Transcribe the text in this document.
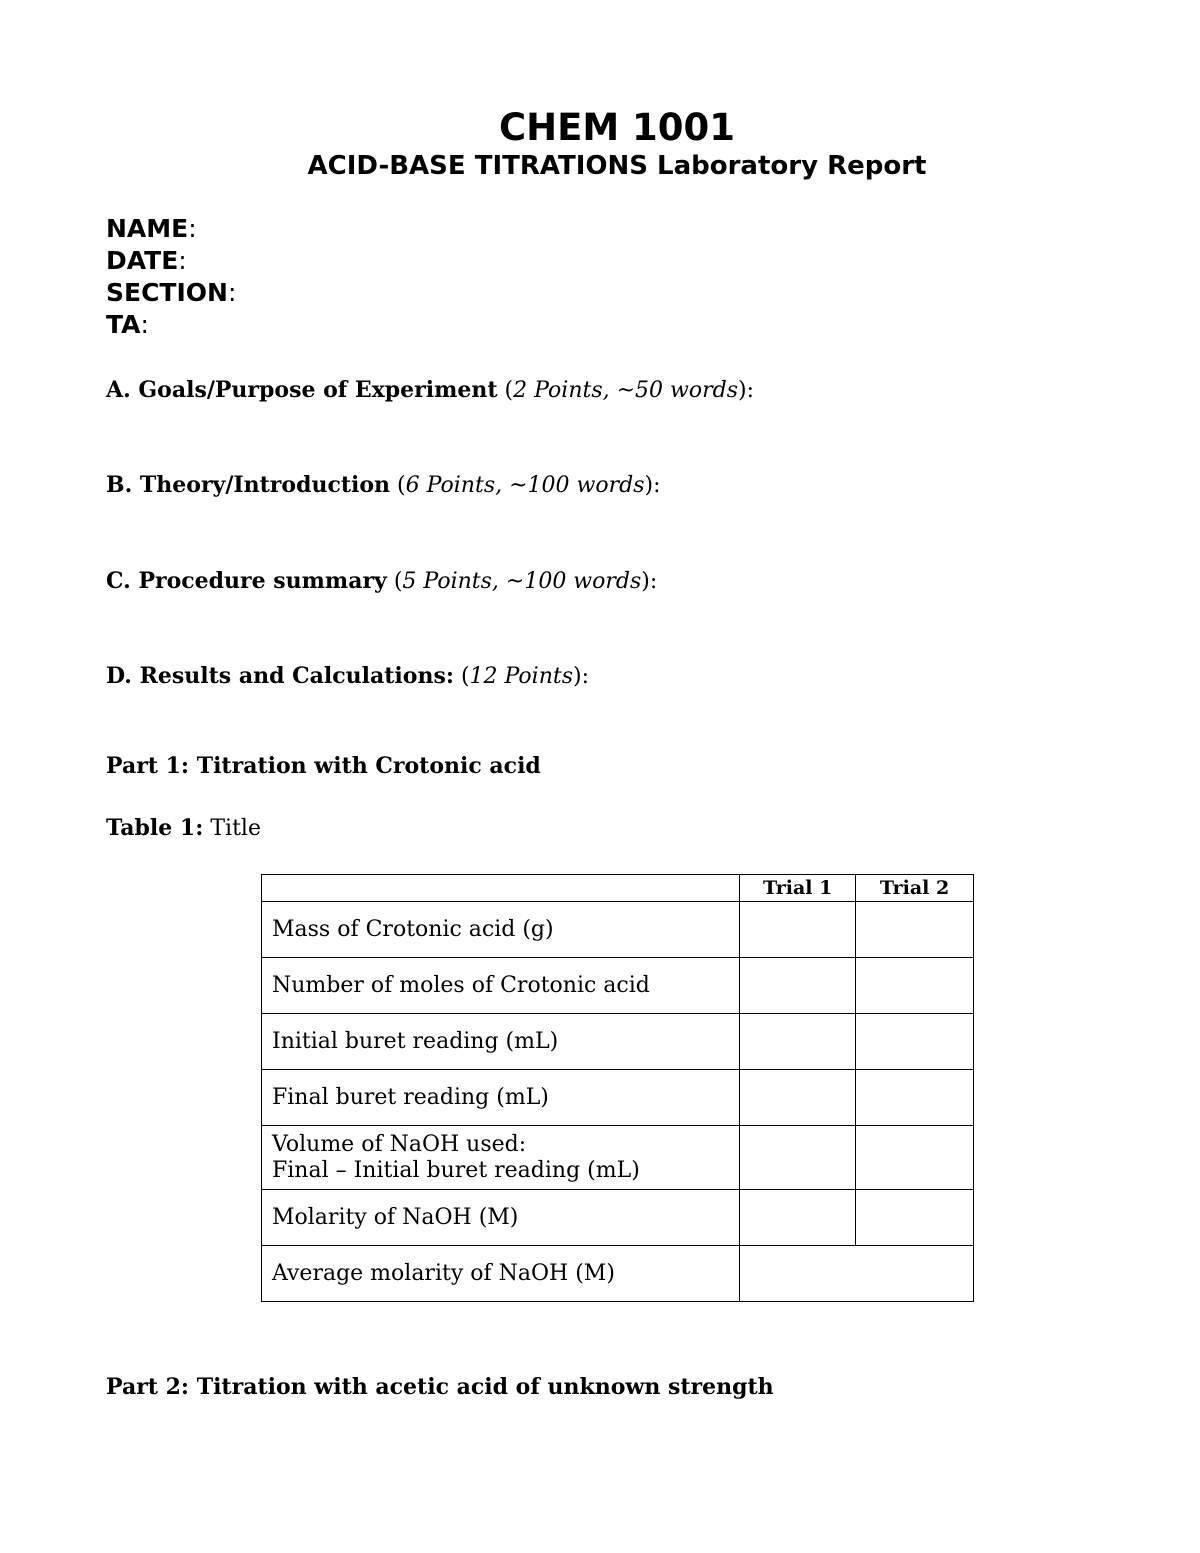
CHEM 1001
ACID-BASE TITRATIONS Laboratory Report
NAME:
DATE:
SECTION:
TA:
A. Goals/Purpose of Experiment (2 Points, ~50 words):
B. Theory/Introduction (6 Points, ~100 words):
C. Procedure summary (5 Points, ~100 words):
D. Results and Calculations: (12 Points):
Part 1: Titration with Crotonic acid
Table 1: Title
	Trial 1	Trial 2
Mass of Crotonic acid (g)		
Number of moles of Crotonic acid		
Initial buret reading (mL)		
Final buret reading (mL)		

Volume of NaOH used:
Final – Initial buret reading (mL)		

Molarity of NaOH (M)		
Average molarity of NaOH (M)		
Part 2: Titration with acetic acid of unknown strength
